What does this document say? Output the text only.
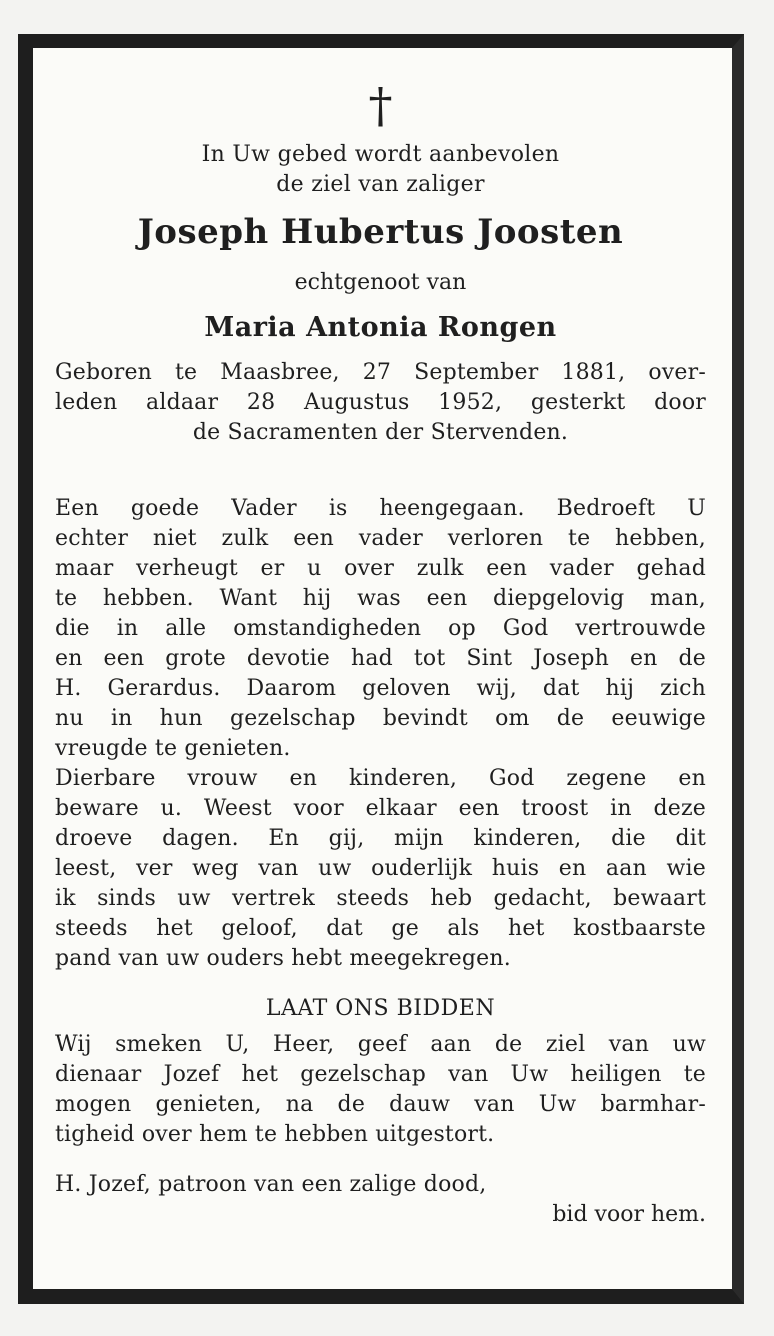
†

In Uw gebed wordt aanbevolen

de ziel van zaliger

Joseph Hubertus Joosten
echtgenoot van
Maria Antonia Rongen

Geboren te Maasbree, 27 September 1881, over-

leden aldaar 28 Augustus 1952, gesterkt door

de Sacramenten der Stervenden.

Een goede Vader is heengegaan. Bedroeft U

echter niet zulk een vader verloren te hebben,

maar verheugt er u over zulk een vader gehad

te hebben. Want hij was een diepgelovig man,

die in alle omstandigheden op God vertrouwde

en een grote devotie had tot Sint Joseph en de

H. Gerardus. Daarom geloven wij, dat hij zich

nu in hun gezelschap bevindt om de eeuwige

vreugde te genieten.

Dierbare vrouw en kinderen, God zegene en

beware u. Weest voor elkaar een troost in deze

droeve dagen. En gij, mijn kinderen, die dit

leest, ver weg van uw ouderlijk huis en aan wie

ik sinds uw vertrek steeds heb gedacht, bewaart

steeds het geloof, dat ge als het kostbaarste

pand van uw ouders hebt meegekregen.

LAAT ONS BIDDEN

Wij smeken U, Heer, geef aan de ziel van uw

dienaar Jozef het gezelschap van Uw heiligen te

mogen genieten, na de dauw van Uw barmhar-

tigheid over hem te hebben uitgestort.

H. Jozef, patroon van een zalige dood,

bid voor hem.
